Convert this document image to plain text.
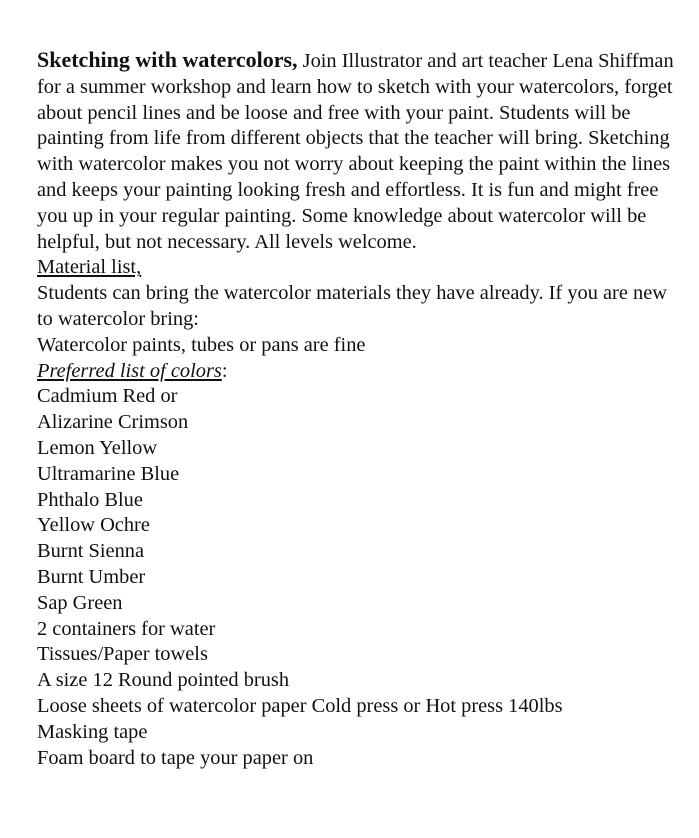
Sketching with watercolors, Join Illustrator and art teacher Lena Shiffman for a summer workshop and learn how to sketch with your watercolors, forget about pencil lines and be loose and free with your paint. Students will be painting from life from different objects that the teacher will bring. Sketching with watercolor makes you not worry about keeping the paint within the lines and keeps your painting looking fresh and effortless. It is fun and might free you up in your regular painting. Some knowledge about watercolor will be helpful, but not necessary. All levels welcome.

Material list,

Students can bring the watercolor materials they have already. If you are new to watercolor bring:

Watercolor paints, tubes or pans are fine
Preferred list of colors:
Cadmium Red or
Alizarine Crimson
Lemon Yellow
Ultramarine Blue
Phthalo Blue
Yellow Ochre
Burnt Sienna
Burnt Umber
Sap Green
2 containers for water
Tissues/Paper towels
A size 12 Round pointed brush
Loose sheets of watercolor paper Cold press or Hot press 140lbs
Masking tape
Foam board to tape your paper on
